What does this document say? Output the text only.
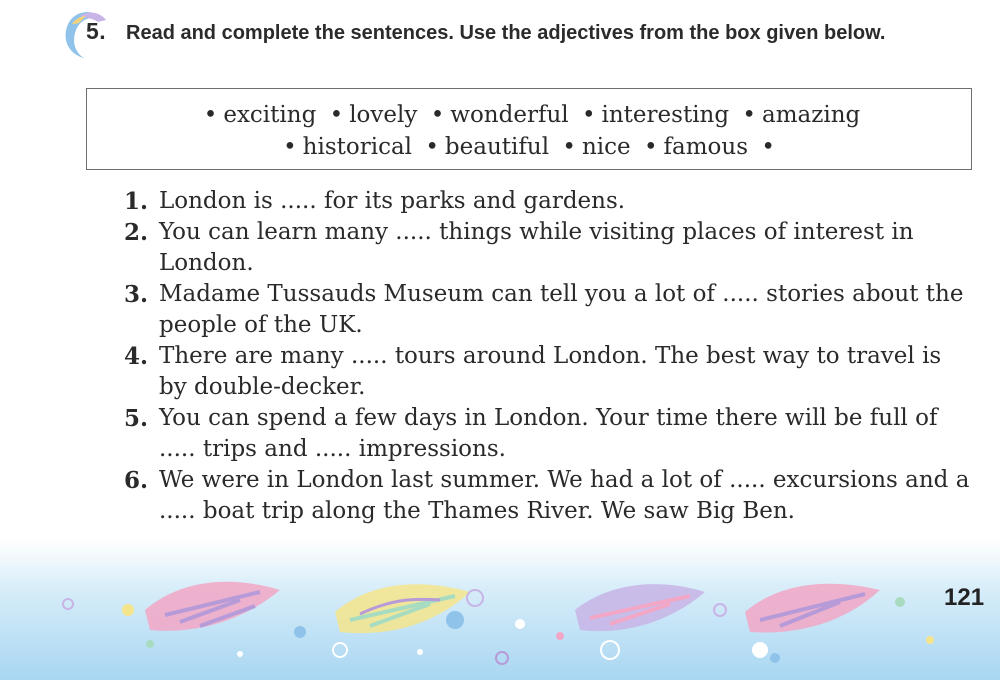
5. Read and complete the sentences. Use the adjectives from the box given below.

• exciting • lovely • wonderful • interesting • amazing
• historical • beautiful • nice • famous •
1. London is ..... for its parks and gardens.
2. You can learn many ..... things while visiting places of interest in London.
3. Madame Tussauds Museum can tell you a lot of ..... stories about the people of the UK.
4. There are many ..... tours around London. The best way to travel is by double-decker.
5. You can spend a few days in London. Your time there will be full of ..... trips and ..... impressions.
6. We were in London last summer. We had a lot of ..... excursions and a ..... boat trip along the Thames River. We saw Big Ben.
121
